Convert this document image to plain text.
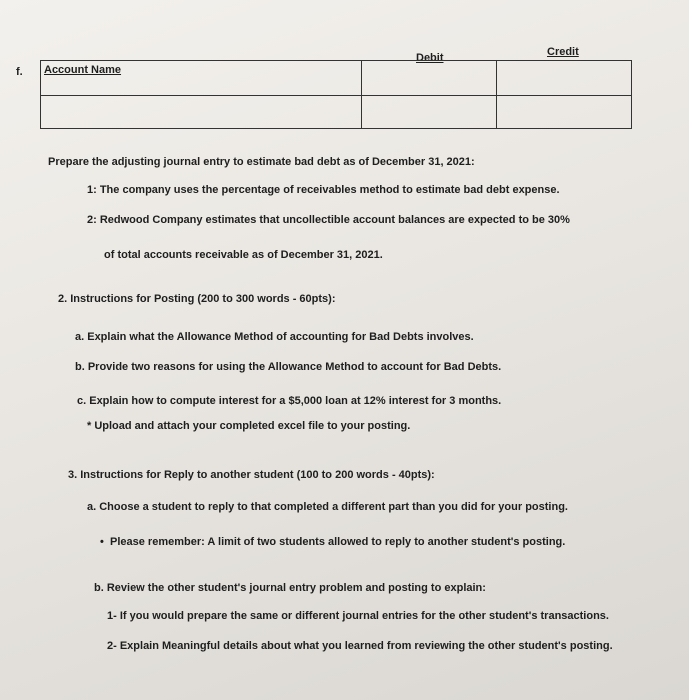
f. Account Name
Debit	Credit
Prepare the adjusting journal entry to estimate bad debt as of December 31, 2021:
1: The company uses the percentage of receivables method to estimate bad debt expense.
2: Redwood Company estimates that uncollectible account balances are expected to be 30%
of total accounts receivable as of December 31, 2021.
2. Instructions for Posting (200 to 300 words - 60pts):
a. Explain what the Allowance Method of accounting for Bad Debts involves.
b. Provide two reasons for using the Allowance Method to account for Bad Debts.
c. Explain how to compute interest for a $5,000 loan at 12% interest for 3 months.
* Upload and attach your completed excel file to your posting.
3. Instructions for Reply to another student (100 to 200 words - 40pts):
a. Choose a student to reply to that completed a different part than you did for your posting.
• Please remember: A limit of two students allowed to reply to another student's posting.
b. Review the other student's journal entry problem and posting to explain:
1- If you would prepare the same or different journal entries for the other student's transactions.
2- Explain Meaningful details about what you learned from reviewing the other student's posting.
